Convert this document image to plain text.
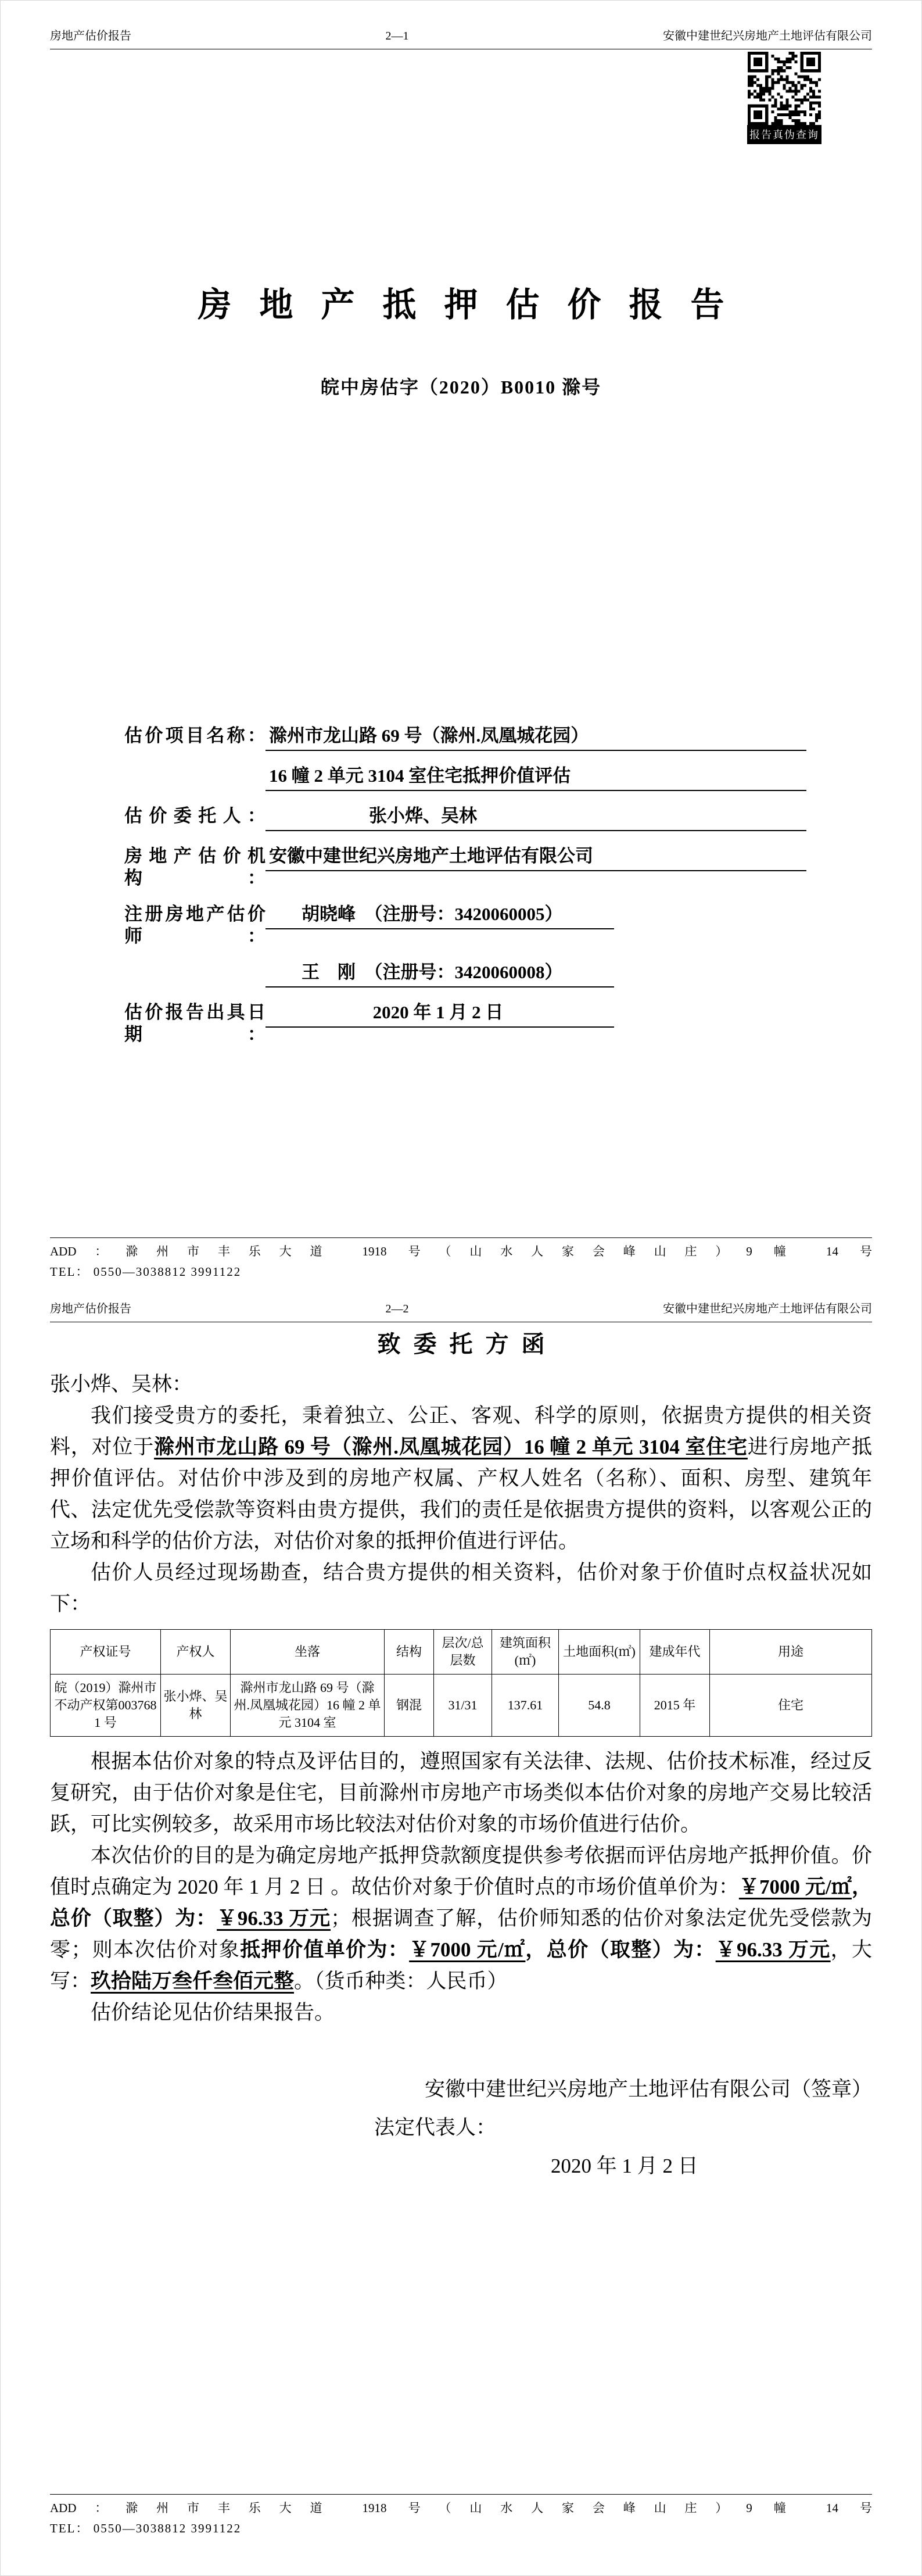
房地产估价报告	2—1	安徽中建世纪兴房地产土地评估有限公司
报告真伪查询
房地产抵押估价报告
皖中房估字（2020）B0010 滁号
估价项目名称： 滁州市龙山路 69 号（滁州.凤凰城花园）
16 幢 2 单元 3104 室住宅抵押价值评估
估价委托人：	张小烨、吴林
房地产估价机构：
安徽中建世纪兴房地产土地评估有限公司
注册房地产估价师：
胡晓峰　（注册号：3420060005）
王　刚　（注册号：3420060008）
估价报告出具日期：
2020 年 1 月 2 日
ADD：滁州市丰乐大道 1918 号（山水人家会峰山庄）9 幢 14 号
TEL： 0550—3038812 3991122
房地产估价报告	2—2	安徽中建世纪兴房地产土地评估有限公司
致委托方函
张小烨、吴林：

我们接受贵方的委托，秉着独立、公正、客观、科学的原则，依据贵方提供的相关资料，对位于滁州市龙山路 69 号（滁州.凤凰城花园）16 幢 2 单元 3104 室住宅进行房地产抵押价值评估。对估价中涉及到的房地产权属、产权人姓名（名称）、面积、房型、建筑年代、法定优先受偿款等资料由贵方提供，我们的责任是依据贵方提供的资料，以客观公正的立场和科学的估价方法，对估价对象的抵押价值进行评估。

估价人员经过现场勘查，结合贵方提供的相关资料，估价对象于价值时点权益状况如下：

产权证号	产权人	坐落	结构	层次/总层数	建筑面积(㎡)	土地面积(㎡)	建成年代	用途
皖（2019）滁州市不动产权第0037681 号	张小烨、吴林	滁州市龙山路 69 号（滁州.凤凰城花园）16 幢 2 单元 3104 室	钢混	31/31	137.61	54.8	2015 年	住宅

根据本估价对象的特点及评估目的，遵照国家有关法律、法规、估价技术标准，经过反复研究，由于估价对象是住宅，目前滁州市房地产市场类似本估价对象的房地产交易比较活跃，可比实例较多，故采用市场比较法对估价对象的市场价值进行估价。

本次估价的目的是为确定房地产抵押贷款额度提供参考依据而评估房地产抵押价值。价值时点确定为 2020 年 1 月 2 日 。故估价对象于价值时点的市场价值单价为：￥7000 元/㎡，总价（取整）为：￥96.33 万元；根据调查了解，估价师知悉的估价对象法定优先受偿款为零；则本次估价对象抵押价值单价为：￥7000 元/㎡，总价（取整）为：￥96.33 万元，大写：玖拾陆万叁仟叁佰元整。（货币种类：人民币）

估价结论见估价结果报告。

安徽中建世纪兴房地产土地评估有限公司（签章）
法定代表人：
2020 年 1 月 2 日
ADD：滁州市丰乐大道 1918 号（山水人家会峰山庄）9 幢 14 号
TEL： 0550—3038812 3991122
